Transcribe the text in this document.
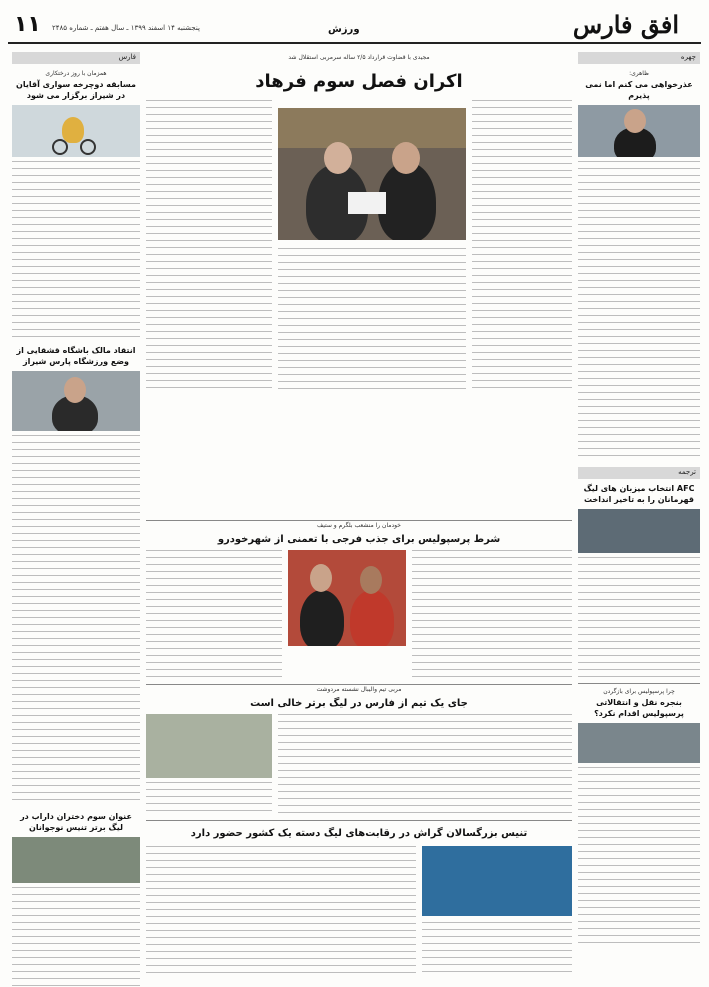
۱۱ پنجشنبه ۱۴ اسفند ۱۳۹۹ ـ سال هفتم ـ شماره ۲۴۸۵	ورزش	افق فارس
فارس
همزمان با روز درختکاری
مسابقه دوچرخه سواری آقایان در شیراز برگزار می شود
انتقاد مالک باشگاه قشقایی از وضع ورزشگاه پارس شیراز
عنوان سوم دختران داراب در لیگ برتر تنیس نوجوانان
مجیدی با قضاوت قرارداد ۲/۵ ساله سرمربی استقلال شد
اکران فصل سوم فرهاد
خودمان را منشعب بلگرم و ستیف
شرط پرسپولیس برای جذب فرجی با تعمنی از شهرخودرو
مربی تیم والیبال نشسته مردوشت
جای یک تیم از فارس در لیگ برتر خالی است
تنیس بزرگسالان گراش در رقابت‌های لیگ دسته یک کشور حضور دارد
چهره
ظاهری:
عذرخواهی می کنم اما نمی پذیرم
ترجمه
AFC انتخاب میزبان های لیگ قهرمانان را به تاخیر انداخت
چرا پرسپولیس برای بازگردن
بنجره نقل و انتقالاتی پرسپولیس اقدام نکرد؟
